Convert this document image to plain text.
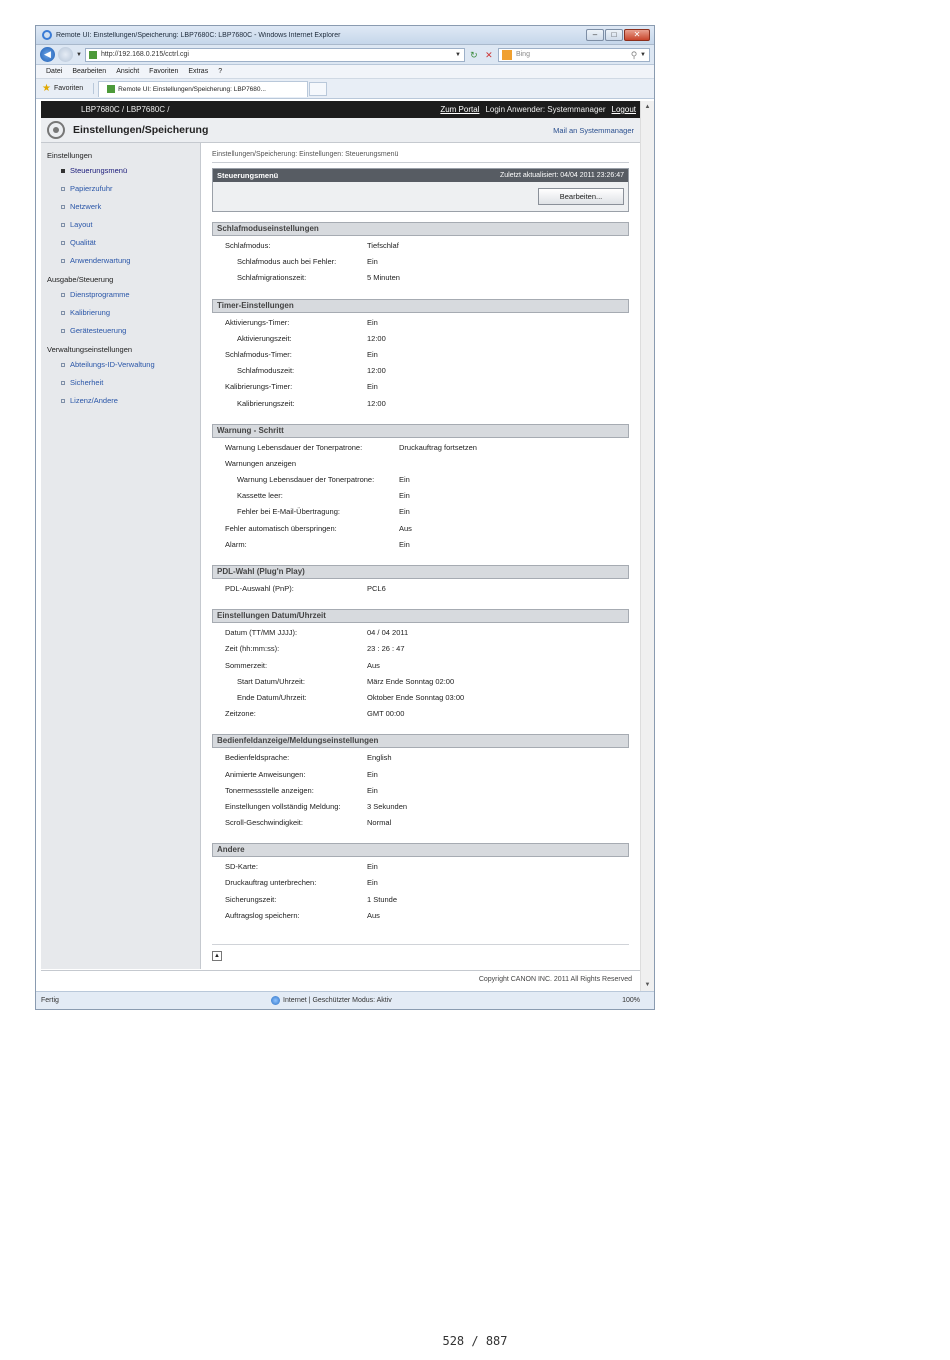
Remote UI: Einstellungen/Speicherung: LBP7680C: LBP7680C - Windows Internet Explorer	–	□	✕
◀	▼	http://192.168.0.215/cctrl.cgi	▼ ↻ ✕	Bing	⚲ ▼
Datei Bearbeiten Ansicht Favoriten Extras ?
★ Favoriten	Remote UI: Einstellungen/Speicherung: LBP7680...
LBP7680C / LBP7680C /	Zum Portal Login Anwender: Systemmanager Logout
Einstellungen/Speicherung	Mail an Systemmanager
Einstellungen
Steuerungsmenü
Papierzufuhr
Netzwerk
Layout
Qualität
Anwenderwartung
Ausgabe/Steuerung
Dienstprogramme
Kalibrierung
Gerätesteuerung
Verwaltungseinstellungen
Abteilungs-ID-Verwaltung
Sicherheit
Lizenz/Andere
Einstellungen/Speicherung: Einstellungen: Steuerungsmenü
Steuerungsmenü	Zuletzt aktualisiert: 04/04 2011 23:26:47
Bearbeiten...
Schlafmoduseinstellungen
Schlafmodus:	Tiefschlaf
Schlafmodus auch bei Fehler:	Ein
Schlafmigrationszeit:	5 Minuten
Timer-Einstellungen
Aktivierungs-Timer:	Ein
Aktivierungszeit:	12:00
Schlafmodus-Timer:	Ein
Schlafmoduszeit:	12:00
Kalibrierungs-Timer:	Ein
Kalibrierungszeit:	12:00
Warnung - Schritt
Warnung Lebensdauer der Tonerpatrone:	Druckauftrag fortsetzen
Warnungen anzeigen
Warnung Lebensdauer der Tonerpatrone:	Ein
Kassette leer:	Ein
Fehler bei E-Mail-Übertragung:	Ein
Fehler automatisch überspringen:	Aus
Alarm:	Ein
PDL-Wahl (Plug'n Play)
PDL-Auswahl (PnP):	PCL6
Einstellungen Datum/Uhrzeit
Datum (TT/MM JJJJ):	04 / 04 2011
Zeit (hh:mm:ss):	23 : 26 : 47
Sommerzeit:	Aus
Start Datum/Uhrzeit:	März Ende Sonntag 02:00
Ende Datum/Uhrzeit:	Oktober Ende Sonntag 03:00
Zeitzone:	GMT 00:00
Bedienfeldanzeige/Meldungseinstellungen
Bedienfeldsprache:	English
Animierte Anweisungen:	Ein
Tonermessstelle anzeigen:	Ein
Einstellungen vollständig Meldung:	3 Sekunden
Scroll-Geschwindigkeit:	Normal
Andere
SD-Karte:	Ein
Druckauftrag unterbrechen:	Ein
Sicherungszeit:	1 Stunde
Auftragslog speichern:	Aus
▲
Copyright CANON INC. 2011 All Rights Reserved
▲
▼
Fertig	Internet | Geschützter Modus: Aktiv	100%
528 / 887
